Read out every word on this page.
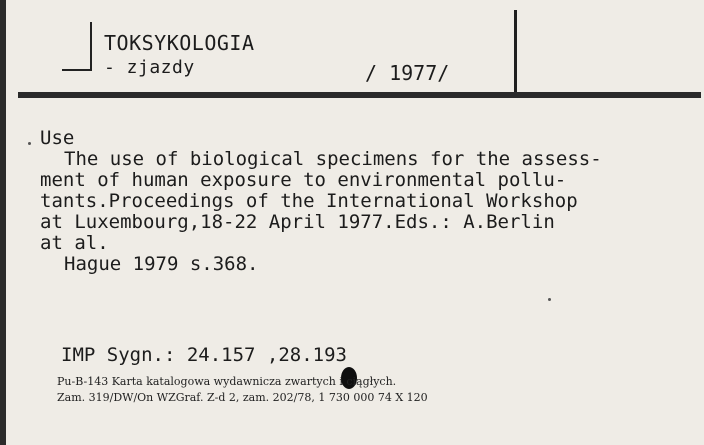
TOKSYKOLOGIA
- zjazdy	/ 1977/
Use
The use of biological specimens for the assess-
ment of human exposure to environmental pollu-
tants.Proceedings of the International Workshop
at Luxembourg,18-22 April 1977.Eds.: A.Berlin
at al.
Hague 1979 s.368.
IMP Sygn.: 24.157 ,28.193
Pu-B-143 Karta katalogowa wydawnicza zwartych i ciągłych.
Zam. 319/DW/On WZGraf. Z-d 2, zam. 202/78, 1 730 000 74 X 120
